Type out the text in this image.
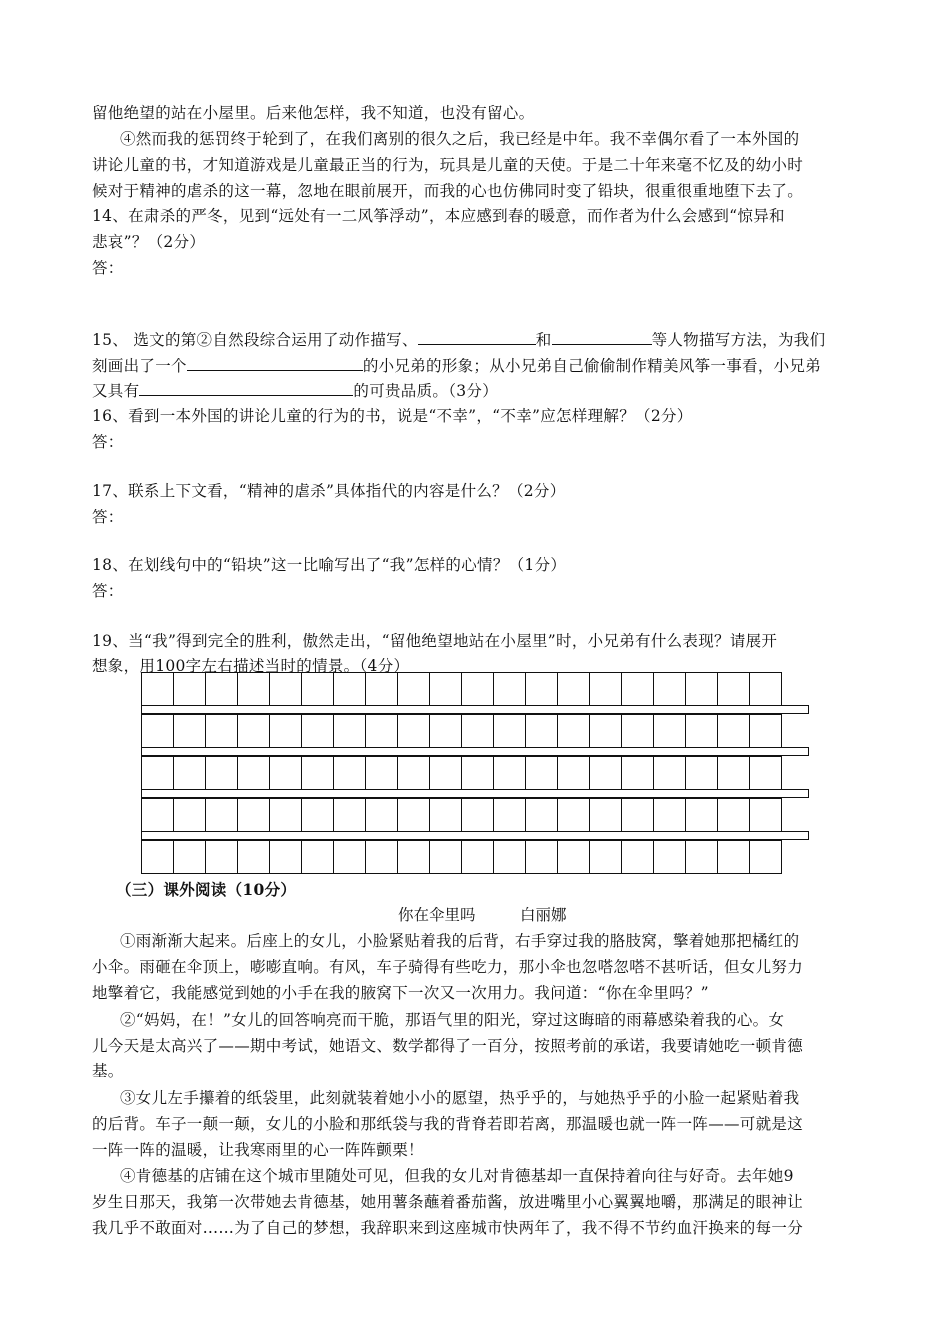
留他绝望的站在小屋里。后来他怎样，我不知道，也没有留心。
④然而我的惩罚终于轮到了，在我们离别的很久之后，我已经是中年。我不幸偶尔看了一本外国的
讲论儿童的书，才知道游戏是儿童最正当的行为，玩具是儿童的天使。于是二十年来毫不忆及的幼小时
候对于精神的虐杀的这一幕，忽地在眼前展开，而我的心也仿佛同时变了铅块，很重很重地堕下去了。
14、在肃杀的严冬，见到“远处有一二风筝浮动”，本应感到春的暖意，而作者为什么会感到“惊异和
悲哀”？（2分）
答：
15、 选文的第②自然段综合运用了动作描写、	和	等人物描写方法，为我们
刻画出了一个	的小兄弟的形象；从小兄弟自己偷偷制作精美风筝一事看，小兄弟
又具有	的可贵品质。（3分）
16、看到一本外国的讲论儿童的行为的书，说是“不幸”，“不幸”应怎样理解？（2分）
答：
17、联系上下文看，“精神的虐杀”具体指代的内容是什么？（2分）
答：
18、在划线句中的“铅块”这一比喻写出了“我”怎样的心情？（1分）
答：
19、当“我”得到完全的胜利，傲然走出，“留他绝望地站在小屋里”时，小兄弟有什么表现？请展开
想象，用100字左右描述当时的情景。（4分）
（三）课外阅读（10分）
你在伞里吗	白丽娜
①雨渐渐大起来。后座上的女儿，小脸紧贴着我的后背，右手穿过我的胳肢窝，擎着她那把橘红的
小伞。雨砸在伞顶上，嘭嘭直响。有风，车子骑得有些吃力，那小伞也忽嗒忽嗒不甚听话，但女儿努力
地擎着它，我能感觉到她的小手在我的腋窝下一次又一次用力。我问道：“你在伞里吗？”
②“妈妈，在！”女儿的回答响亮而干脆，那语气里的阳光，穿过这晦暗的雨幕感染着我的心。女
儿今天是太高兴了——期中考试，她语文、数学都得了一百分，按照考前的承诺，我要请她吃一顿肯德
基。
③女儿左手攥着的纸袋里，此刻就装着她小小的愿望，热乎乎的，与她热乎乎的小脸一起紧贴着我
的后背。车子一颠一颠，女儿的小脸和那纸袋与我的背脊若即若离，那温暖也就一阵一阵——可就是这
一阵一阵的温暖，让我寒雨里的心一阵阵颤栗！
④肯德基的店铺在这个城市里随处可见，但我的女儿对肯德基却一直保持着向往与好奇。去年她9
岁生日那天，我第一次带她去肯德基，她用薯条蘸着番茄酱，放进嘴里小心翼翼地嚼，那满足的眼神让
我几乎不敢面对……为了自己的梦想，我辞职来到这座城市快两年了，我不得不节约血汗换来的每一分
